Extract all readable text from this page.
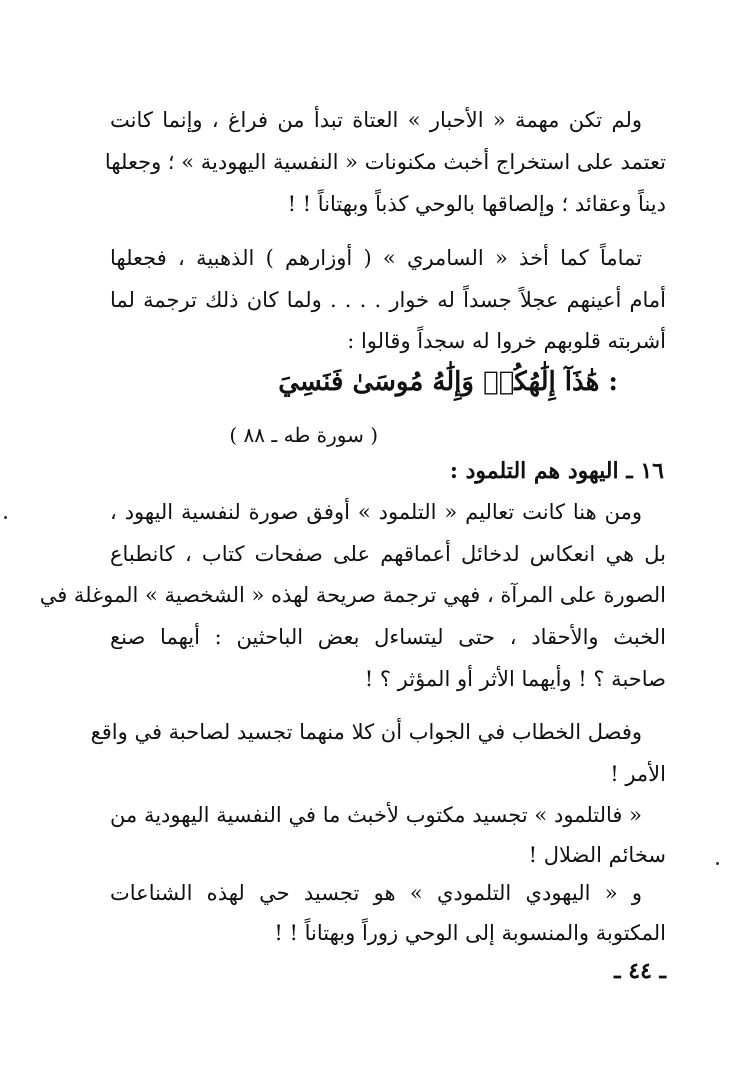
ولم تكن مهمة « الأحبار » العتاة تبدأ من فراغ ، وإنما كانت
تعتمد على استخراج أخبث مكنونات « النفسية اليهودية » ؛ وجعلها
ديناً وعقائد ؛ وإلصاقها بالوحي كذباً وبهتاناً ! !
تماماً كما أخذ « السامري » ( أوزارهم ) الذهبية ، فجعلها
أمام أعينهم عجلاً جسداً له خوار . . . . ولما كان ذلك ترجمة لما
أشربته قلوبهم خروا له سجداً وقالوا :
: هَٰذَآ إِلَٰهُكُمۡ وَإِلَٰهُ مُوسَىٰ فَنَسِيَ
( سورة طه ـ ٨٨ )
١٦ ـ اليهود هم التلمود :
ومن هنا كانت تعاليم « التلمود » أوفق صورة لنفسية اليهود ،
بل هي انعكاس لدخائل أعماقهم على صفحات كتاب ، كانطباع
الصورة على المرآة ، فهي ترجمة صريحة لهذه « الشخصية » الموغلة في
الخبث والأحقاد ، حتى ليتساءل بعض الباحثين : أيهما صنع
صاحبة ؟ ! وأيهما الأثر أو المؤثر ؟ !
وفصل الخطاب في الجواب أن كلا منهما تجسيد لصاحبة في واقع
الأمر !
« فالتلمود » تجسيد مكتوب لأخبث ما في النفسية اليهودية من
سخائم الضلال !
و « اليهودي التلمودي » هو تجسيد حي لهذه الشناعات
المكتوبة والمنسوبة إلى الوحي زوراً وبهتاناً ! !
ـ ٤٤ ـ
